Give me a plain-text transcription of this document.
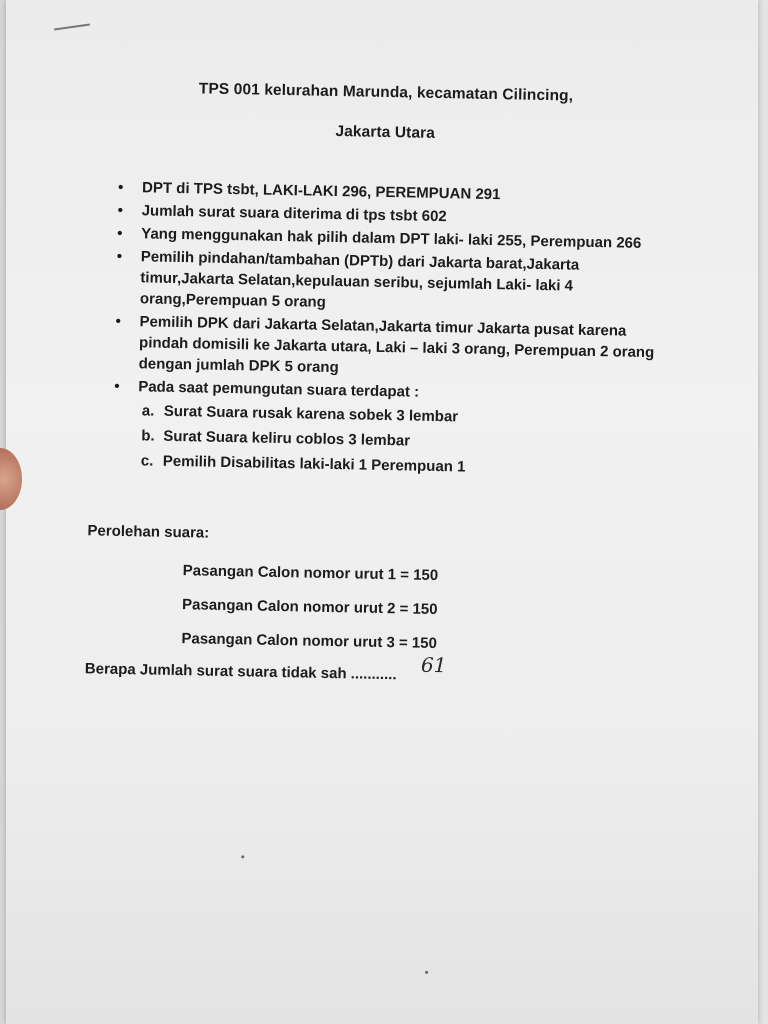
TPS 001 kelurahan Marunda, kecamatan Cilincing,
Jakarta Utara
• DPT di TPS tsbt, LAKI-LAKI 296, PEREMPUAN 291
• Jumlah surat suara diterima di tps tsbt 602
• Yang menggunakan hak pilih dalam DPT laki- laki 255, Perempuan 266
• Pemilih pindahan/tambahan (DPTb) dari Jakarta barat,Jakarta timur,Jakarta Selatan,kepulauan seribu, sejumlah Laki- laki 4 orang,Perempuan 5 orang
• Pemilih DPK dari Jakarta Selatan,Jakarta timur Jakarta pusat karena pindah domisili ke Jakarta utara, Laki – laki 3 orang, Perempuan 2 orang dengan jumlah DPK 5 orang
• Pada saat pemungutan suara terdapat :
a. Surat Suara rusak karena sobek 3 lembar
b. Surat Suara keliru coblos 3 lembar
c. Pemilih Disabilitas laki-laki 1 Perempuan 1
Perolehan suara:
Pasangan Calon nomor urut 1 = 150
Pasangan Calon nomor urut 2 = 150
Pasangan Calon nomor urut 3 = 150
Berapa Jumlah surat suara tidak sah ........... 61
